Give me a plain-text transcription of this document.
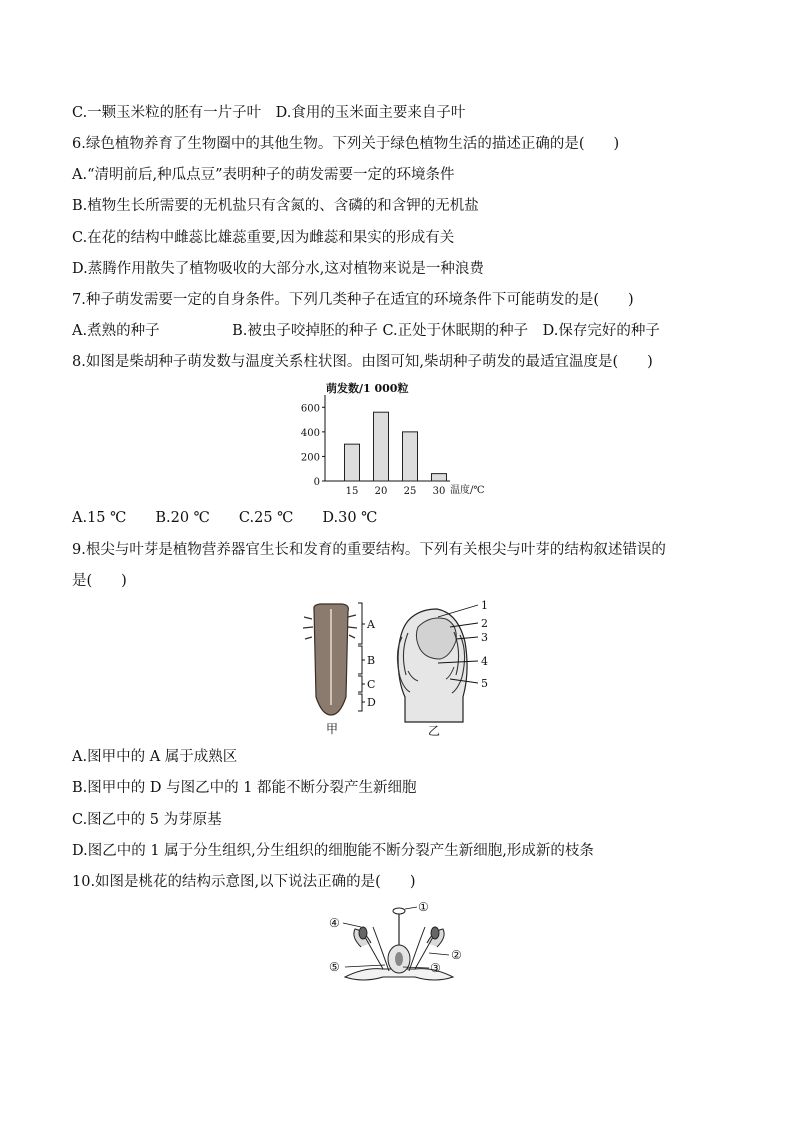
C.一颗玉米粒的胚有一片子叶　D.食用的玉米面主要来自子叶
6.绿色植物养育了生物圈中的其他生物。下列关于绿色植物生活的描述正确的是(　　)
A.“清明前后,种瓜点豆”表明种子的萌发需要一定的环境条件
B.植物生长所需要的无机盐只有含氮的、含磷的和含钾的无机盐
C.在花的结构中雌蕊比雄蕊重要,因为雌蕊和果实的形成有关
D.蒸腾作用散失了植物吸收的大部分水,这对植物来说是一种浪费
7.种子萌发需要一定的自身条件。下列几类种子在适宜的环境条件下可能萌发的是(　　)
A.煮熟的种子　　　　　B.被虫子咬掉胚的种子 C.正处于休眠期的种子　D.保存完好的种子
8.如图是柴胡种子萌发数与温度关系柱状图。由图可知,柴胡种子萌发的最适宜温度是(　　)
萌发数/1 000粒
温度/℃
0
200
400
600
15 20 25 30
A.15 ℃　　B.20 ℃　　C.25 ℃　　D.30 ℃
9.根尖与叶芽是植物营养器官生长和发育的重要结构。下列有关根尖与叶芽的结构叙述错误的
是(　　)
A
B
C
D
甲
1
2
3
4
5
乙
A.图甲中的 A 属于成熟区
B.图甲中的 D 与图乙中的 1 都能不断分裂产生新细胞
C.图乙中的 5 为芽原基
D.图乙中的 1 属于分生组织,分生组织的细胞能不断分裂产生新细胞,形成新的枝条
10.如图是桃花的结构示意图,以下说法正确的是(　　)
①
②
③
④
⑤
